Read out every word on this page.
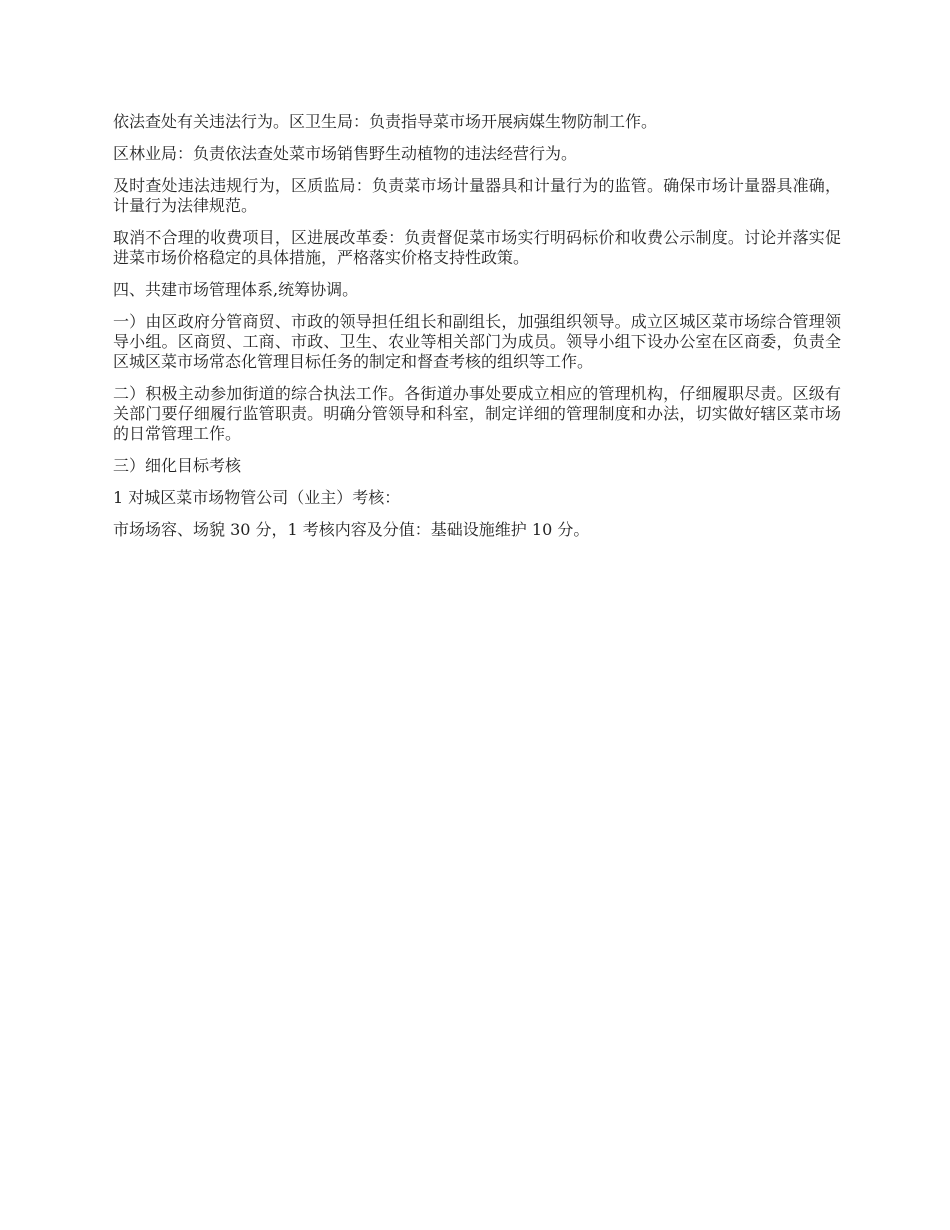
依法查处有关违法行为。区卫生局：负责指导菜市场开展病媒生物防制工作。

区林业局：负责依法查处菜市场销售野生动植物的违法经营行为。

及时查处违法违规行为，区质监局：负责菜市场计量器具和计量行为的监管。确保市场计量器具准确，计量行为法律规范。

取消不合理的收费项目，区进展改革委：负责督促菜市场实行明码标价和收费公示制度。讨论并落实促进菜市场价格稳定的具体措施，严格落实价格支持性政策。

四、共建市场管理体系,统筹协调。

一）由区政府分管商贸、市政的领导担任组长和副组长，加强组织领导。成立区城区菜市场综合管理领导小组。区商贸、工商、市政、卫生、农业等相关部门为成员。领导小组下设办公室在区商委，负责全区城区菜市场常态化管理目标任务的制定和督查考核的组织等工作。

二）积极主动参加街道的综合执法工作。各街道办事处要成立相应的管理机构，仔细履职尽责。区级有关部门要仔细履行监管职责。明确分管领导和科室，制定详细的管理制度和办法，切实做好辖区菜市场的日常管理工作。

三）细化目标考核

1 对城区菜市场物管公司（业主）考核：

市场场容、场貌 30 分，1 考核内容及分值：基础设施维护 10 分。
